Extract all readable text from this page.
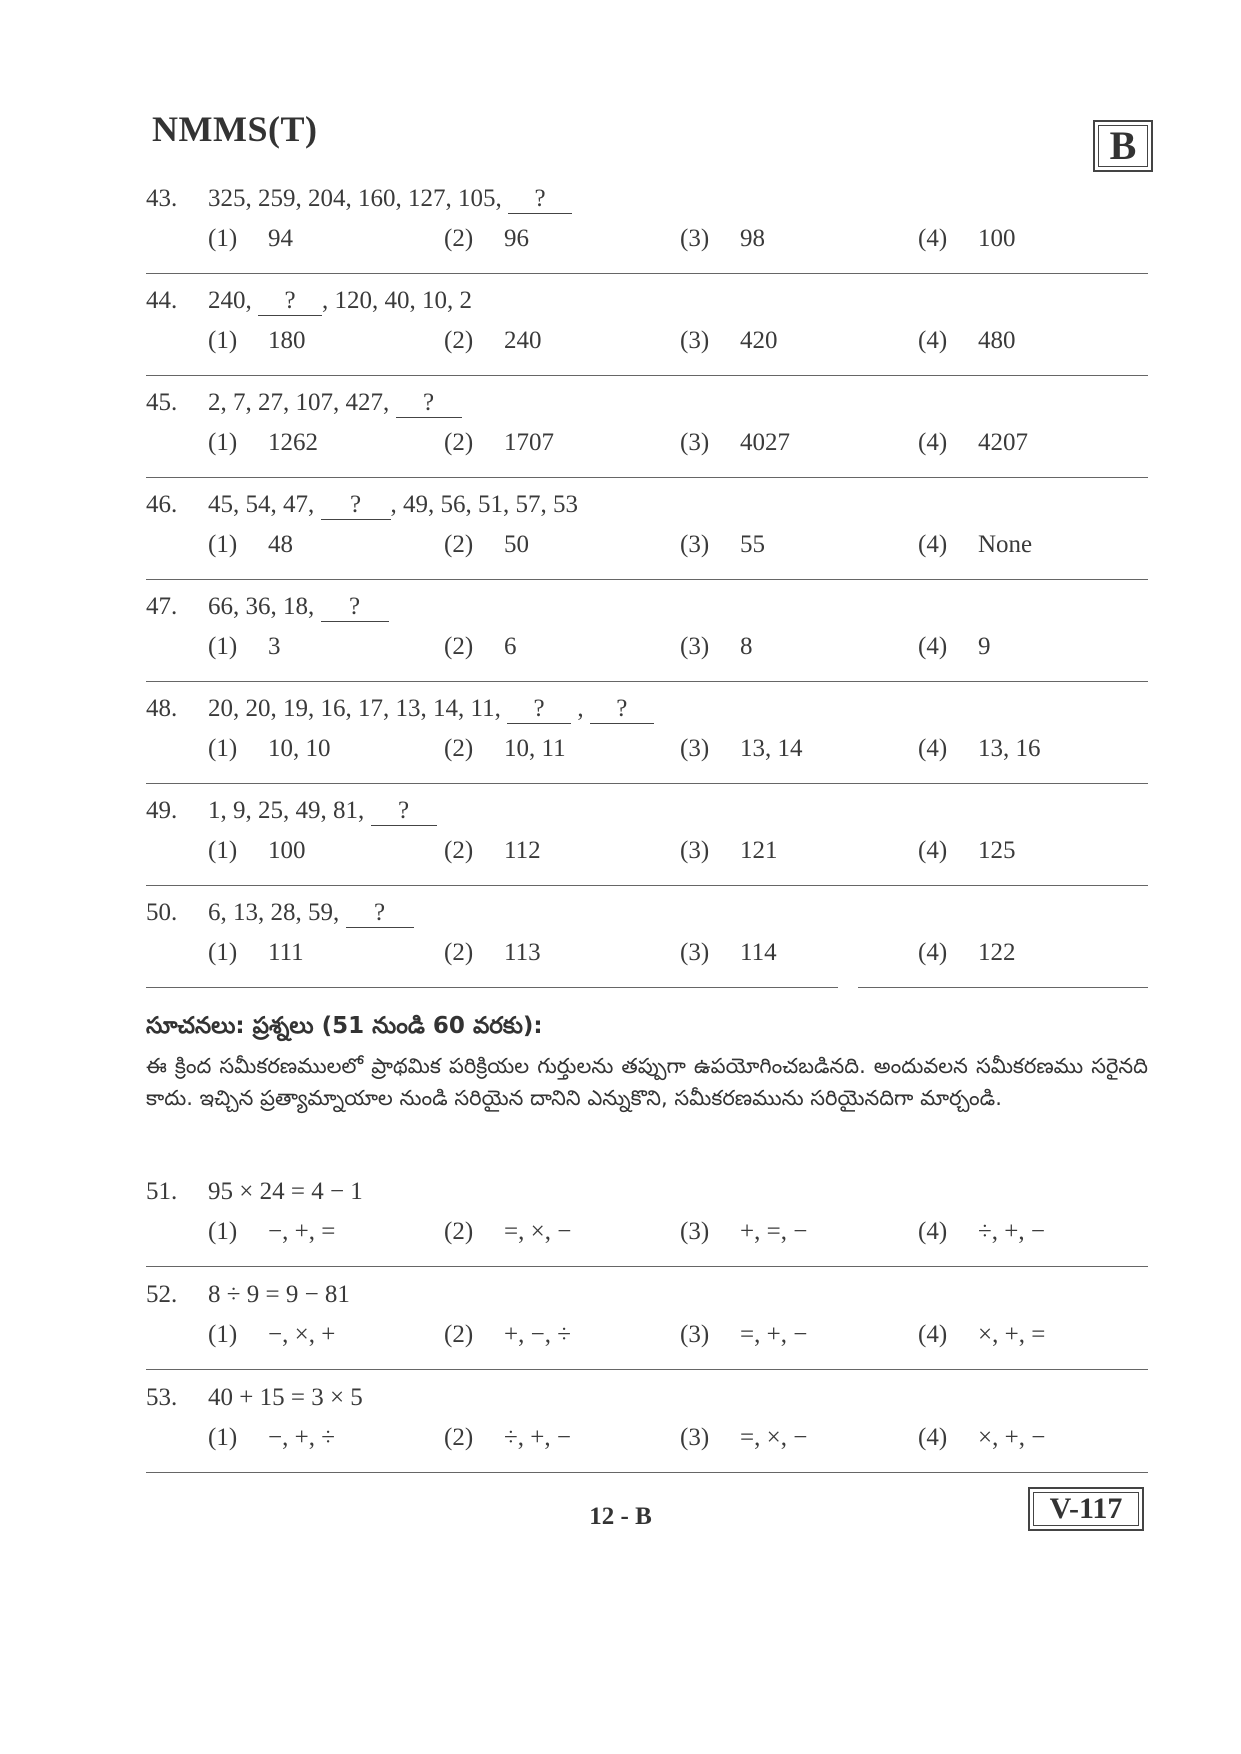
NMMS(T)	B
43. 325, 259, 204, 160, 127, 105, ?
(1) 94	(2) 96	(3) 98	(4) 100
44. 240, ? , 120, 40, 10, 2
(1) 180	(2) 240	(3) 420	(4) 480
45. 2, 7, 27, 107, 427, ?
(1) 1262	(2) 1707	(3) 4027	(4) 4207
46. 45, 54, 47, ? , 49, 56, 51, 57, 53
(1) 48	(2) 50	(3) 55	(4) None
47. 66, 36, 18, ?
(1) 3	(2) 6	(3) 8	(4) 9
48. 20, 20, 19, 16, 17, 13, 14, 11, ? , ?
(1) 10, 10	(2) 10, 11	(3) 13, 14	(4) 13, 16
49. 1, 9, 25, 49, 81, ?
(1) 100	(2) 112	(3) 121	(4) 125
50. 6, 13, 28, 59, ?
(1) 111	(2) 113	(3) 114	(4) 122
సూచనలు: ప్రశ్నలు (51 నుండి 60 వరకు):
ఈ క్రింద సమీకరణములలో ప్రాథమిక పరిక్రియల గుర్తులను తప్పుగా ఉపయోగించబడినది. అందువలన సమీకరణము సరైనది కాదు. ఇచ్చిన ప్రత్యామ్నాయాల నుండి సరియైన దానిని ఎన్నుకొని, సమీకరణమును సరియైనదిగా మార్చండి.
51. 95 × 24 = 4 − 1
(1) −, +, =	(2) =, ×, −	(3) +, =, −	(4) ÷, +, −
52. 8 ÷ 9 = 9 − 81
(1) −, ×, +	(2) +, −, ÷	(3) =, +, −	(4) ×, +, =
53. 40 + 15 = 3 × 5
(1) −, +, ÷	(2) ÷, +, −	(3) =, ×, −	(4) ×, +, −
12 - B	V-117
